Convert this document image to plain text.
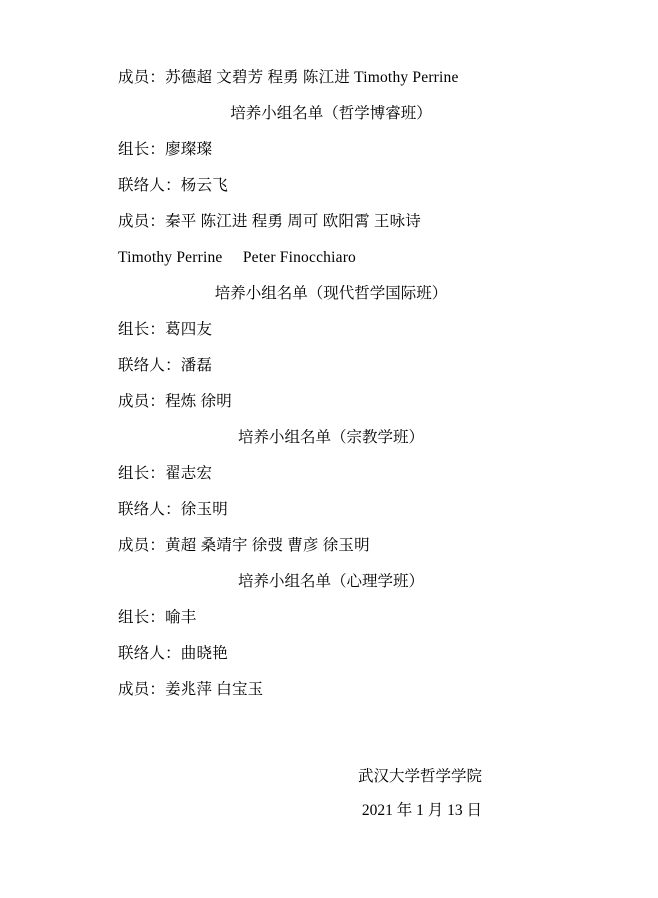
成员：苏德超 文碧芳 程勇 陈江进 Timothy Perrine
培养小组名单（哲学博睿班）
组长：廖璨璨
联络人：杨云飞
成员：秦平 陈江进 程勇 周可 欧阳霄 王咏诗
Timothy Perrine     Peter Finocchiaro
培养小组名单（现代哲学国际班）
组长：葛四友
联络人：潘磊
成员：程炼 徐明
培养小组名单（宗教学班）
组长：翟志宏
联络人：徐玉明
成员：黄超 桑靖宇 徐弢 曹彦 徐玉明
培养小组名单（心理学班）
组长：喻丰
联络人：曲晓艳
成员：姜兆萍 白宝玉
武汉大学哲学学院
2021 年 1 月 13 日
